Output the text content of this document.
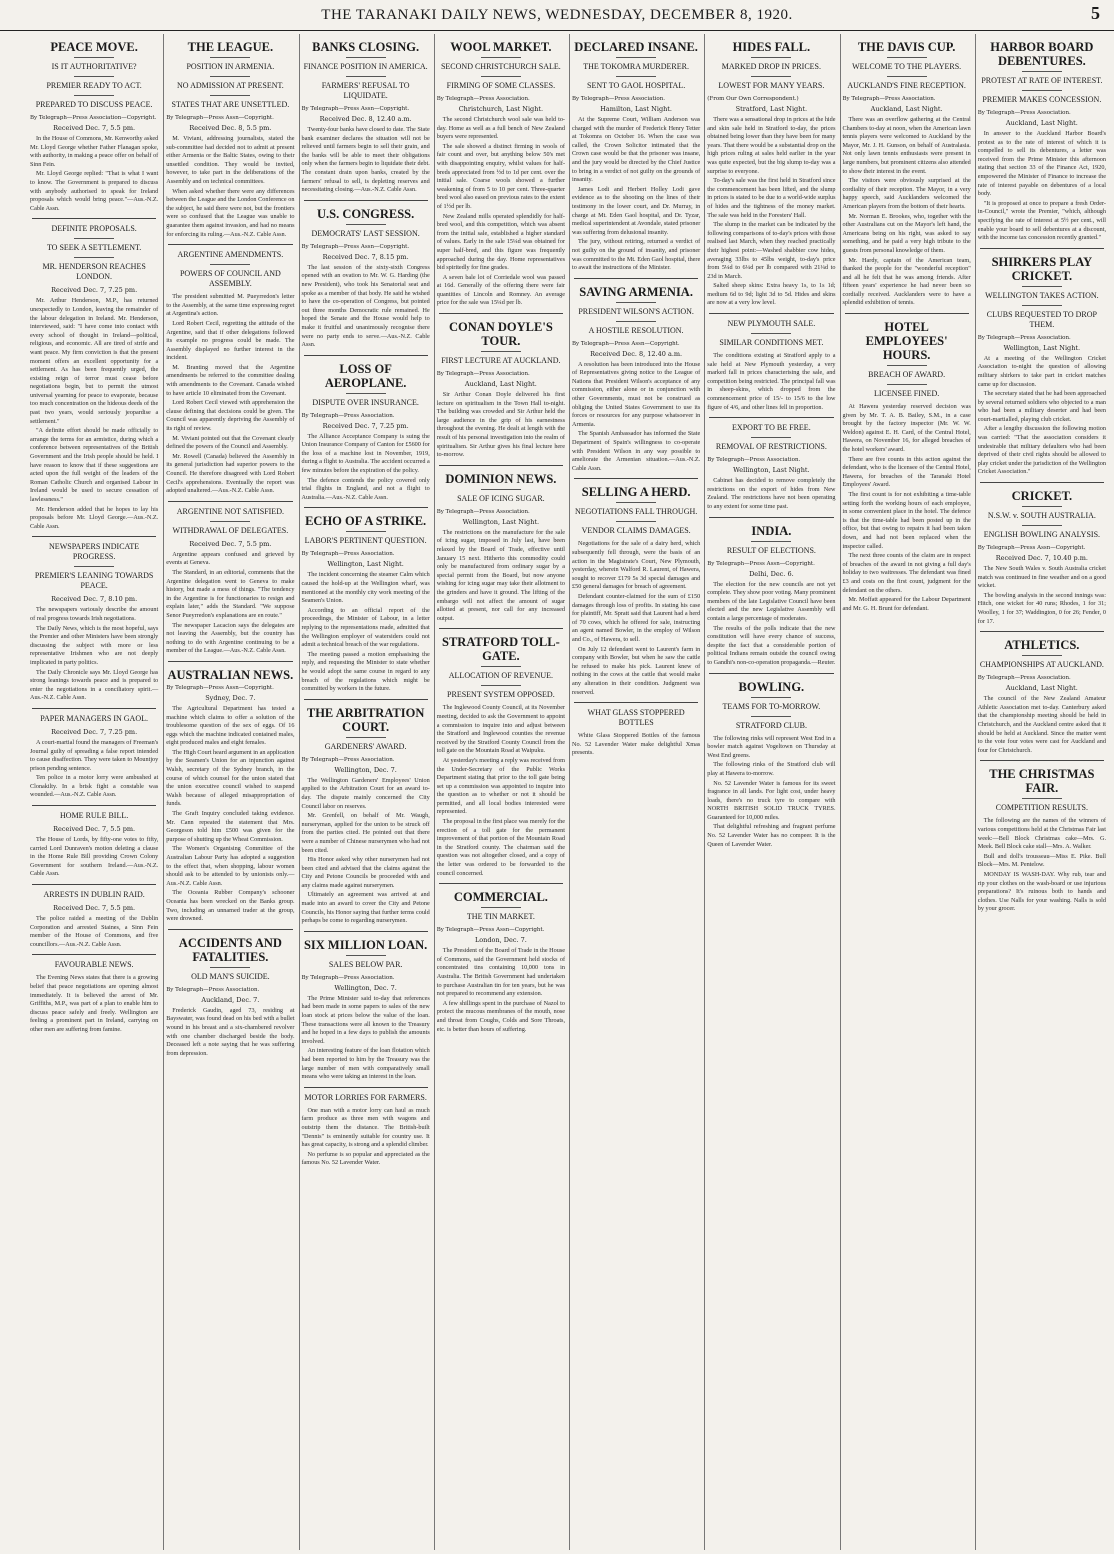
THE TARANAKI DAILY NEWS, WEDNESDAY, DECEMBER 8, 1920.	5
PEACE MOVE.
IS IT AUTHORITATIVE?
PREMIER READY TO ACT.
PREPARED TO DISCUSS PEACE.
By Telegraph—Press Association—Copyright.
Received Dec. 7, 5.5 pm.

In the House of Commons, Mr. Kenworthy asked Mr. Lloyd George whether Father Flanagan spoke, with authority, in making a peace offer on behalf of Sinn Fein.

Mr. Lloyd George replied: "That is what I want to know. The Government is prepared to discuss with anybody authorised to speak for Ireland proposals which would bring peace."—Aus.-N.Z. Cable Assn.

DEFINITE PROPOSALS.
TO SEEK A SETTLEMENT.
MR. HENDERSON REACHES LONDON.
Received Dec. 7, 7.25 pm.

Mr. Arthur Henderson, M.P., has returned unexpectedly to London, leaving the remainder of the labour delegation in Ireland. Mr. Henderson, interviewed, said: "I have come into contact with every school of thought in Ireland—political, religious, and economic. All are tired of strife and want peace. My firm conviction is that the present moment offers an excellent opportunity for a settlement. As has been frequently urged, the existing reign of terror must cease before negotiations begin, but to permit the utmost universal yearning for peace to evaporate, because too much concentration on the hideous deeds of the past two years, would seriously jeopardise a settlement."

"A definite effort should be made officially to arrange the terms for an armistice, during which a conference between representatives of the British Government and the Irish people should be held. I have reason to know that if these suggestions are acted upon the full weight of the leaders of the Roman Catholic Church and organised Labour in Ireland would be used to secure cessation of lawlessness."

Mr. Henderson added that he hopes to lay his proposals before Mr. Lloyd George.—Aus.-N.Z. Cable Assn.

NEWSPAPERS INDICATE PROGRESS.
PREMIER'S LEANING TOWARDS PEACE.
Received Dec. 7, 8.10 pm.

The newspapers variously describe the amount of real progress towards Irish negotiations.

The Daily News, which is the most hopeful, says the Premier and other Ministers have been strongly discussing the subject with more or less representative Irishmen who are not deeply implicated in party politics.

The Daily Chronicle says Mr. Lloyd George has strong leanings towards peace and is prepared to enter the negotiations in a conciliatory spirit.—Aus.-N.Z. Cable Assn.

PAPER MANAGERS IN GAOL.
Received Dec. 7, 7.25 pm.

A court-martial found the managers of Freeman's Journal guilty of spreading a false report intended to cause disaffection. They were taken to Mountjoy prison pending sentence.

Ten police in a motor lorry were ambushed at Clonakilty. In a brisk fight a constable was wounded.—Aus.-N.Z. Cable Assn.

HOME RULE BILL.
Received Dec. 7, 5.5 pm.

The House of Lords, by fifty-one votes to fifty, carried Lord Dunraven's motion deleting a clause in the Home Rule Bill providing Crown Colony Government for southern Ireland.—Aus.-N.Z. Cable Assn.

ARRESTS IN DUBLIN RAID.
Received Dec. 7, 5.5 pm.

The police raided a meeting of the Dublin Corporation and arrested Staines, a Sinn Fein member of the House of Commons, and five councillors.—Aus.-N.Z. Cable Assn.

FAVOURABLE NEWS.

The Evening News states that there is a growing belief that peace negotiations are opening almost immediately. It is believed the arrest of Mr. Griffiths, M.P., was part of a plan to enable him to discuss peace safely and freely. Wellington are feeling a prominent part in Ireland, carrying on other men are suffering from famine.

THE LEAGUE.
POSITION IN ARMENIA.
NO ADMISSION AT PRESENT.
STATES THAT ARE UNSETTLED.
By Telegraph—Press Assn—Copyright.
Received Dec. 8, 5.5 pm.

M. Viviani, addressing journalists, stated the sub-committee had decided not to admit at present either Armenia or the Baltic States, owing to their unsettled condition. They would be invited, however, to take part in the deliberations of the Assembly and on technical committees.

When asked whether there were any differences between the League and the London Conference on the subject, he said there were not, but the frontiers were so confused that the League was unable to guarantee them against invasion, and had no means for enforcing its ruling.—Aus.-N.Z. Cable Assn.

ARGENTINE AMENDMENTS.
POWERS OF COUNCIL AND ASSEMBLY.

The president submitted M. Pueyrredon's letter to the Assembly, at the same time expressing regret at Argentina's action.

Lord Robert Cecil, regretting the attitude of the Argentine, said that if other delegations followed its example no progress could be made. The Assembly displayed no further interest in the incident.

M. Branting moved that the Argentine amendments be referred to the committee dealing with amendments to the Covenant. Canada wished to have article 10 eliminated from the Covenant.

Lord Robert Cecil viewed with apprehension the clause defining that decisions could be given. The Council was apparently depriving the Assembly of its right of review.

M. Viviani pointed out that the Covenant clearly defined the powers of the Council and Assembly.

Mr. Rowell (Canada) believed the Assembly in its general jurisdiction had superior powers to the Council. He therefore disagreed with Lord Robert Cecil's apprehensions. Eventually the report was adopted unaltered.—Aus.-N.Z. Cable Assn.

ARGENTINE NOT SATISFIED.
WITHDRAWAL OF DELEGATES.
Received Dec. 7, 5.5 pm.

Argentine appears confused and grieved by events at Geneva.

The Standard, in an editorial, comments that the Argentine delegation went to Geneva to make history, but made a mess of things. "The tendency in the Argentine is for functionaries to resign and explain later," adds the Standard. "We suppose Senor Pueyrredon's explanations are en route."

The newspaper Lacacion says the delegates are not leaving the Assembly, but the country has nothing to do with Argentine continuing to be a member of the League.—Aus.-N.Z. Cable Assn.

AUSTRALIAN NEWS.
By Telegraph—Press Assn—Copyright.
Sydney, Dec. 7.

The Agricultural Department has tested a machine which claims to offer a solution of the troublesome question of the sex of eggs. Of 16 eggs which the machine indicated contained males, eight produced males and eight females.

The High Court heard argument in an application by the Seamen's Union for an injunction against Walsh, secretary of the Sydney branch, in the course of which counsel for the union stated that the union executive council wished to suspend Walsh because of alleged misappropriation of funds.

The Graft Inquiry concluded taking evidence. Mr. Cann repeated the statement that Mrs. Georgeson told him £500 was given for the purpose of shutting up the Wheat Commission.

The Women's Organising Committee of the Australian Labour Party has adopted a suggestion to the effect that, when shopping, labour women should ask to be attended to by unionists only.—Aus.-N.Z. Cable Assn.

The Oceania Rubber Company's schooner Oceania has been wrecked on the Banks group. Two, including an unnamed trader at the group, were drowned.

ACCIDENTS AND FATALITIES.
OLD MAN'S SUICIDE.
By Telegraph—Press Association.
Auckland, Dec. 7.

Frederick Gaudin, aged 73, residing at Bayswater, was found dead on his bed with a bullet wound in his breast and a six-chambered revolver with one chamber discharged beside the body. Deceased left a note saying that he was suffering from depression.

BANKS CLOSING.
FINANCE POSITION IN AMERICA.
FARMERS' REFUSAL TO LIQUIDATE.
By Telegraph—Press Assn—Copyright.
Received Dec. 8, 12.40 a.m.

Twenty-four banks have closed to date. The State bank examiner declares the situation will not be relieved until farmers begin to sell their grain, and the banks will be able to meet their obligations only when the farmers begin to liquidate their debt. The constant drain upon banks, created by the farmers' refusal to sell, is depleting reserves and necessitating closing.—Aus.-N.Z. Cable Assn.

U.S. CONGRESS.
DEMOCRATS' LAST SESSION.
By Telegraph—Press Assn—Copyright.
Received Dec. 7, 8.15 pm.

The last session of the sixty-sixth Congress opened with an ovation to Mr. W. G. Harding (the new President), who took his Senatorial seat and spoke as a member of that body. He said he wished to have the co-operation of Congress, but pointed out three months Democratic rule remained. He hoped the Senate and the House would help to make it fruitful and unanimously recognise there were no party ends to serve.—Aus.-N.Z. Cable Assn.

LOSS OF AEROPLANE.
DISPUTE OVER INSURANCE.
By Telegraph—Press Association.
Received Dec. 7, 7.25 pm.

The Alliance Acceptance Company is suing the Union Insurance Company of Canton for £5600 for the loss of a machine lost in November, 1919, during a flight to Australia. The accident occurred a few minutes before the expiration of the policy.

The defence contends the policy covered only trial flights in England, and not a flight to Australia.—Aus.-N.Z. Cable Assn.

ECHO OF A STRIKE.
LABOR'S PERTINENT QUESTION.
By Telegraph—Press Association.
Wellington, Last Night.

The incident concerning the steamer Calm which caused the hold-up at the Wellington wharf, was mentioned at the monthly city work meeting of the Seamen's Union.

According to an official report of the proceedings, the Minister of Labour, in a letter replying to the representations made, admitted that the Wellington employer of watersiders could not admit a technical breach of the war regulations.

The meeting passed a motion emphasising the reply, and requesting the Minister to state whether he would adopt the same course in regard to any breach of the regulations which might be committed by workers in the future.

THE ARBITRATION COURT.
GARDENERS' AWARD.
By Telegraph—Press Association.
Wellington, Dec. 7.

The Wellington Gardeners' Employees' Union applied to the Arbitration Court for an award to-day. The dispute mainly concerned the City Council labor on reserves.

Mr. Grenfell, on behalf of Mr. Waugh, nurseryman, applied for the union to be struck off from the parties cited. He pointed out that there were a number of Chinese nurserymen who had not been cited.

His Honor asked why other nurserymen had not been cited and advised that the claims against the City and Petone Councils be proceeded with and any claims made against nurserymen.

Ultimately an agreement was arrived at and made into an award to cover the City and Petone Councils, his Honor saying that further terms could perhaps be come to regarding nurserymen.

SIX MILLION LOAN.
SALES BELOW PAR.
By Telegraph—Press Association.
Wellington, Dec. 7.

The Prime Minister said to-day that references had been made in some papers to sales of the new loan stock at prices below the value of the loan. These transactions were all known to the Treasury and he hoped in a few days to publish the amounts involved.

An interesting feature of the loan flotation which had been reported to him by the Treasury was the large number of men with comparatively small means who were taking an interest in the loan.

MOTOR LORRIES FOR FARMERS.

One man with a motor lorry can haul as much farm produce as three men with wagons and outstrip them the distance. The British-built "Dennis" is eminently suitable for country use. It has great capacity, is strong and a splendid climber.

No perfume is so popular and appreciated as the famous No. 52 Lavender Water.

WOOL MARKET.
SECOND CHRISTCHURCH SALE.
FIRMING OF SOME CLASSES.
By Telegraph—Press Association.
Christchurch, Last Night.

The second Christchurch wool sale was held to-day. Home as well as a full bench of New Zealand buyers were represented.

The sale showed a distinct firming in wools of fair count and over, but anything below 50's met with disappointing enquiry, whilst values for half-breds appreciated from ½d to 1d per cent. over the initial sale. Coarse wools showed a further weakening of from 5 to 10 per cent. Three-quarter bred wool also eased on previous rates to the extent of 1½d per lb.

New Zealand mills operated splendidly for half-bred wool, and this competition, which was absent from the initial sale, established a higher standard of values. Early in the sale 15¼d was obtained for super half-bred, and this figure was frequently approached during the day. Home representatives bid spiritedly for fine grades.

A seven bale lot of Corriedale wool was passed at 16d. Generally of the offering there were fair quantities of Lincoln and Romney. An average price for the sale was 15¼d per lb.

CONAN DOYLE'S TOUR.
FIRST LECTURE AT AUCKLAND.
By Telegraph—Press Association.
Auckland, Last Night.

Sir Arthur Conan Doyle delivered his first lecture on spiritualism in the Town Hall to-night. The building was crowded and Sir Arthur held the large audience in the grip of his earnestness throughout the evening. He dealt at length with the result of his personal investigation into the realm of spiritualism. Sir Arthur gives his final lecture here to-morrow.

DOMINION NEWS.
SALE OF ICING SUGAR.
By Telegraph—Press Association.
Wellington, Last Night.

The restrictions on the manufacture for the sale of icing sugar, imposed in July last, have been relaxed by the Board of Trade, effective until January 15 next. Hitherto this commodity could only be manufactured from ordinary sugar by a special permit from the Board, but now anyone wishing for icing sugar may take their allotment to the grinders and have it ground. The lifting of the embargo will not affect the amount of sugar allotted at present, nor call for any increased output.

STRATFORD TOLL-GATE.
ALLOCATION OF REVENUE.
PRESENT SYSTEM OPPOSED.

The Inglewood County Council, at its November meeting, decided to ask the Government to appoint a commission to inquire into and adjust between the Stratford and Inglewood counties the revenue received by the Stratford County Council from the toll gate on the Mountain Road at Waipuku.

At yesterday's meeting a reply was received from the Under-Secretary of the Public Works Department stating that prior to the toll gate being set up a commission was appointed to inquire into the question as to whether or not it should be permitted, and all local bodies interested were represented.

The proposal in the first place was merely for the erection of a toll gate for the permanent improvement of that portion of the Mountain Road in the Stratford county. The chairman said the question was not altogether closed, and a copy of the letter was ordered to be forwarded to the council concerned.

COMMERCIAL.
THE TIN MARKET.
By Telegraph—Press Assn—Copyright.
London, Dec. 7.

The President of the Board of Trade in the House of Commons, said the Government held stocks of concentrated tins containing 10,000 tons in Australia. The British Government had undertaken to purchase Australian tin for ten years, but he was not prepared to recommend any extension.

A few shillings spent in the purchase of Nazol to protect the mucous membranes of the mouth, nose and throat from Coughs, Colds and Sore Throats, etc. is better than hours of suffering.

DECLARED INSANE.
THE TOKOMRA MURDERER.
SENT TO GAOL HOSPITAL.
By Telegraph—Press Association.
Hamilton, Last Night.

At the Supreme Court, William Anderson was charged with the murder of Frederick Henry Tetter at Tokomra on October 16. When the case was called, the Crown Solicitor intimated that the Crown case would be that the prisoner was insane, and the jury would be directed by the Chief Justice to bring in a verdict of not guilty on the grounds of insanity.

James Lodi and Herbert Holley Lodi gave evidence as to the shooting on the lines of their testimony in the lower court, and Dr. Murray, in charge at Mt. Eden Gaol hospital, and Dr. Tyzar, medical superintendent at Avondale, stated prisoner was suffering from delusional insanity.

The jury, without retiring, returned a verdict of not guilty on the ground of insanity, and prisoner was committed to the Mt. Eden Gaol hospital, there to await the instructions of the Minister.

SAVING ARMENIA.
PRESIDENT WILSON'S ACTION.
A HOSTILE RESOLUTION.
By Telegraph—Press Assn—Copyright.
Received Dec. 8, 12.40 a.m.

A resolution has been introduced into the House of Representatives giving notice to the League of Nations that President Wilson's acceptance of any commission, either alone or in conjunction with other Governments, must not be construed as obliging the United States Government to use its forces or resources for any purpose whatsoever in Armenia.

The Spanish Ambassador has informed the State Department of Spain's willingness to co-operate with President Wilson in any way possible to ameliorate the Armenian situation.—Aus.-N.Z. Cable Assn.

SELLING A HERD.
NEGOTIATIONS FALL THROUGH.
VENDOR CLAIMS DAMAGES.

Negotiations for the sale of a dairy herd, which subsequently fell through, were the basis of an action in the Magistrate's Court, New Plymouth, yesterday, wherein Walford R. Laurent, of Hawera, sought to recover £179 5s 3d special damages and £50 general damages for breach of agreement.

Defendant counter-claimed for the sum of £150 damages through loss of profits. In stating his case for plaintiff, Mr. Spratt said that Laurent had a herd of 70 cows, which he offered for sale, instructing an agent named Bowler, in the employ of Wilson and Co., of Hawera, to sell.

On July 12 defendant went to Laurent's farm in company with Bowler, but when he saw the cattle he refused to make his pick. Laurent knew of nothing in the cows at the cattle that would make any alteration in their condition. Judgment was reserved.

WHAT GLASS STOPPERED BOTTLES

White Glass Stoppered Bottles of the famous No. 52 Lavender Water make delightful Xmas presents.

HIDES FALL.
MARKED DROP IN PRICES.
LOWEST FOR MANY YEARS.
(From Our Own Correspondent.)
Stratford, Last Night.

There was a sensational drop in prices at the hide and skin sale held in Stratford to-day, the prices obtained being lower than they have been for many years. That there would be a substantial drop on the high prices ruling at sales held earlier in the year was quite expected, but the big slump to-day was a surprise to everyone.

To-day's sale was the first held in Stratford since the commencement has been lifted, and the slump in prices is stated to be due to a world-wide surplus of hides and the tightness of the money market. The sale was held in the Foresters' Hall.

The slump in the market can be indicated by the following comparisons of to-day's prices with those realised last March, when they reached practically their highest point:—Washed shabbier cow hides, averaging 33lbs to 45lbs weight, to-day's price from 5¼d to 6¼d per lb compared with 21¼d to 23d in March.

Salted sheep skins: Extra heavy 1s, to 1s 1d; medium 6d to 9d; light 3d to 5d. Hides and skins are now at a very low level.

NEW PLYMOUTH SALE.
SIMILAR CONDITIONS MET.

The conditions existing at Stratford apply to a sale held at New Plymouth yesterday, a very marked fall in prices characterising the sale, and competition being restricted. The principal fall was in sheep-skins, which dropped from the commencement price of 15/- to 15/6 to the low figure of 4/6, and other lines fell in proportion.

EXPORT TO BE FREE.
REMOVAL OF RESTRICTIONS.
By Telegraph—Press Association.
Wellington, Last Night.

Cabinet has decided to remove completely the restrictions on the export of hides from New Zealand. The restrictions have not been operating to any extent for some time past.

INDIA.
RESULT OF ELECTIONS.
By Telegraph—Press Assn—Copyright.
Delhi, Dec. 6.

The election for the new councils are not yet complete. They show poor voting. Many prominent members of the late Legislative Council have been elected and the new Legislative Assembly will contain a large percentage of moderates.

The results of the polls indicate that the new constitution will have every chance of success, despite the fact that a considerable portion of political Indians remain outside the council owing to Gandhi's non-co-operation propaganda.—Reuter.

BOWLING.
TEAMS FOR TO-MORROW.
STRATFORD CLUB.

The following rinks will represent West End in a bowler match against Vogeltown on Thursday at West End greens.

The following rinks of the Stratford club will play at Hawera to-morrow.

No. 52 Lavender Water is famous for its sweet fragrance in all lands. For light cost, under heavy loads, there's no truck tyre to compare with NORTH BRITISH SOLID TRUCK TYRES. Guaranteed for 10,000 miles.

That delightful refreshing and fragrant perfume No. 52 Lavender Water has no compeer. It is the Queen of Lavender Water.

THE DAVIS CUP.
WELCOME TO THE PLAYERS.
AUCKLAND'S FINE RECEPTION.
By Telegraph—Press Association.
Auckland, Last Night.

There was an overflow gathering at the Central Chambers to-day at noon, when the American lawn tennis players were welcomed to Auckland by the Mayor, Mr. J. H. Gunson, on behalf of Australasia. Not only lawn tennis enthusiasts were present in large numbers, but prominent citizens also attended to show their interest in the event.

The visitors were obviously surprised at the cordiality of their reception. The Mayor, in a very happy speech, said Aucklanders welcomed the American players from the bottom of their hearts.

Mr. Norman E. Brookes, who, together with the other Australians cut on the Mayor's left hand, the Americans being on his right, was asked to say something, and he paid a very high tribute to the guests from personal knowledge of them.

Mr. Hardy, captain of the American team, thanked the people for the "wonderful reception" and all he felt that he was among friends. After fifteen years' experience he had never been so cordially received. Aucklanders were to have a splendid exhibition of tennis.

HOTEL EMPLOYEES' HOURS.
BREACH OF AWARD.
LICENSEE FINED.

At Hawera yesterday reserved decision was given by Mr. T. A. B. Bailey, S.M., in a case brought by the factory inspector (Mr. W. W. Weldon) against E. H. Card, of the Central Hotel, Hawera, on November 16, for alleged breaches of the hotel workers' award.

There are five counts in this action against the defendant, who is the licensee of the Central Hotel, Hawera, for breaches of the Taranaki Hotel Employees' Award.

The first count is for not exhibiting a time-table setting forth the working hours of each employee, in some convenient place in the hotel. The defence is that the time-table had been posted up in the office, but that owing to repairs it had been taken down, and had not been replaced when the inspector called.

The next three counts of the claim are in respect of breaches of the award in not giving a full day's holiday to two waitresses. The defendant was fined £3 and costs on the first count, judgment for the defendant on the others.

Mr. Moffatt appeared for the Labour Department and Mr. G. H. Brunt for defendant.

HARBOR BOARD DEBENTURES.
PROTEST AT RATE OF INTEREST.
PREMIER MAKES CONCESSION.
By Telegraph—Press Association.
Auckland, Last Night.

In answer to the Auckland Harbor Board's protest as to the rate of interest of which it is compelled to sell its debentures, a letter was received from the Prime Minister this afternoon stating that section 33 of the Finance Act, 1920, empowered the Minister of Finance to increase the rate of interest payable on debentures of a local body.

"It is proposed at once to prepare a fresh Order-in-Council," wrote the Premier, "which, although specifying the rate of interest at 5½ per cent., will enable your board to sell debentures at a discount, with the income tax concession recently granted."

SHIRKERS PLAY CRICKET.
WELLINGTON TAKES ACTION.
CLUBS REQUESTED TO DROP THEM.
By Telegraph—Press Association.
Wellington, Last Night.

At a meeting of the Wellington Cricket Association to-night the question of allowing military shirkers to take part in cricket matches came up for discussion.

The secretary stated that he had been approached by several returned soldiers who objected to a man who had been a military deserter and had been court-martialled, playing club cricket.

After a lengthy discussion the following motion was carried: "That the association considers it undesirable that military defaulters who had been deprived of their civil rights should be allowed to play cricket under the jurisdiction of the Wellington Cricket Association."

CRICKET.
N.S.W. v. SOUTH AUSTRALIA.
ENGLISH BOWLING ANALYSIS.
By Telegraph—Press Assn—Copyright.
Received Dec. 7, 10.40 p.m.

The New South Wales v. South Australia cricket match was continued in fine weather and on a good wicket.

The bowling analysis in the second innings was: Hitch, one wicket for 40 runs; Rhodes, 1 for 31; Woolley, 1 for 37; Waddington, 0 for 26; Fender, 0 for 17.

ATHLETICS.
CHAMPIONSHIPS AT AUCKLAND.
By Telegraph—Press Association.
Auckland, Last Night.

The council of the New Zealand Amateur Athletic Association met to-day. Canterbury asked that the championship meeting should be held in Christchurch, and the Auckland centre asked that it should be held at Auckland. Since the matter went to the vote four votes were cast for Auckland and four for Christchurch.

THE CHRISTMAS FAIR.
COMPETITION RESULTS.

The following are the names of the winners of various competitions held at the Christmas Fair last week:—Bell Block Christmas cake—Mrs. G. Meek. Bell Block cake stall—Mrs. A. Walker.

Bull and doll's trousseau—Miss E. Pike. Bull Block—Mrs. M. Pentelow.

MONDAY IS WASH-DAY. Why rub, tear and rip your clothes on the wash-board or use injurious preparations? It's ruinous both to hands and clothes. Use Nalls for your washing. Nalls is sold by your grocer.
